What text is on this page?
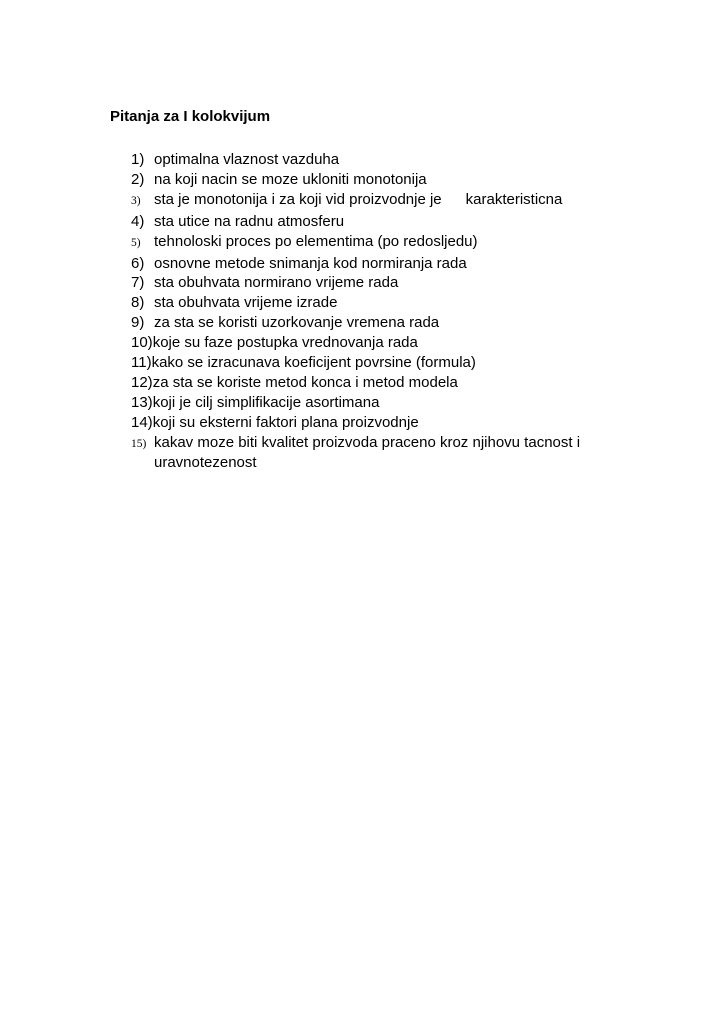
Pitanja za I kolokvijum
1) optimalna vlaznost vazduha
2) na koji nacin se moze ukloniti monotonija
3) sta je monotonija i za koji vid proizvodnje je karakteristicna
4) sta utice na radnu atmosferu
5) tehnoloski proces po elementima (po redosljedu)
6) osnovne metode snimanja kod normiranja rada
7) sta obuhvata normirano vrijeme rada
8) sta obuhvata vrijeme izrade
9) za sta se koristi uzorkovanje vremena rada
10)koje su faze postupka vrednovanja rada
11)kako se izracunava koeficijent povrsine (formula)
12)za sta se koriste metod konca i metod modela
13)koji je cilj simplifikacije asortimana
14)koji su eksterni faktori plana proizvodnje
15) kakav moze biti kvalitet proizvoda praceno kroz njihovu tacnost i uravnotezenost
